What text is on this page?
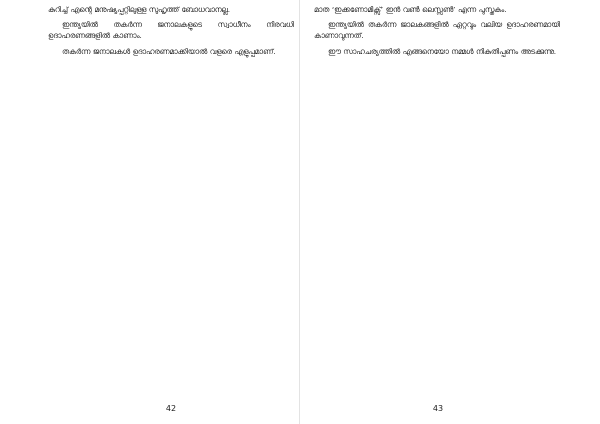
കുറിച്ച് എന്റെ മനുഷ്യപ്പറ്റിലുള്ള സുഹൃത്ത് ബോധവാനല്ല.

ഇന്ത്യയിൽ തകർന്ന ജനാലകളുടെ സ്വാധീനം നിരവധി ഉദാഹരണങ്ങളിൽ കാണാം.

തകർന്ന ജനാലകൾ ഉദാഹരണമാക്കിയാൽ വളരെ എളുപ്പമാണ്.

മാത ‘ഇക്കണോമിക്സ്’ ഇൻ വൺ ലെസ്സൺ’ എന്ന പുസ്തകം.

ഇന്ത്യയിൽ തകർന്ന ജാലകങ്ങളിൽ ഏറ്റവും വലിയ ഉദാഹരണമായി കാണാവുന്നത്.

ഈ സാഹചര്യത്തിൽ എങ്ങനെയോ നമ്മൾ നികുതിപ്പണം അടക്കുന്നു.

42	43
